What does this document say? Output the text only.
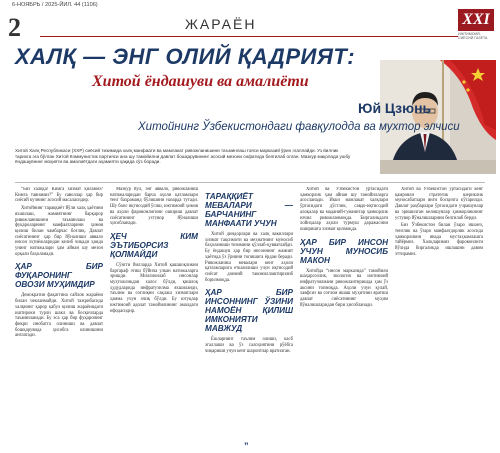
6-НОЯБРЬ / 2025-ЙИЛ. 44 (1106)
2	ЖАРАЁН	XXI
ИЖТИМОИЙ-СИЁСИЙ ГАЗЕТА
ХАЛҚ — ЭНГ ОЛИЙ ҚАДРИЯТ:
Хитой ёндашуви ва амалиёти
Юй Цзюнь
Хитойнинг Ўзбекистондаги фавқулодда ва мухтор элчиси
Хитой Халқ Республикаси (ХХР) сиёсий тизимида халқ манфаати ва мамлакат ривожланишини таъминлаш ғояси марказий ўрин эгаллайди. Уз йиллик тарихга эга бўлган Хитой Коммунистик партияси ана шу тамойилни давлат бошқарувининг асосий мезони сифатида белгилаб олган. Мазкур мақолада ушбу ёндашувнинг моҳияти ва амалиётдаги аҳамияти ҳақида сўз боради.

“Биз халққа! Кимга хизмат қиламиз? Кимга таянамиз?” Бу саволлар ҳар бир сиёсий кучнинг асосий масаласидир.

Хитойнинг тараққиёт йўли халқ ҳаётини яхшилаш, жамиятнинг барқарор ривожланишини таъминлаш ва фуқароларнинг манфаатларини ҳимоя қилиш билан чамбарчас боғлиқ. Давлат сиёсатининг ҳар бир йўналиши аввало инсон эҳтиёжларидан келиб чиқади ҳамда унинг натижалари ҳам айнан шу мезон орқали баҳоланади.

ҲАР БИР ФУҚАРОНИНГ ОВОЗИ МУҲИМДИР

Демократия фақатгина сайлов жараёни билан чекланмайди. Хитой тажрибасида халқнинг қарор қабул қилиш жараёнидаги иштироки турли шакл ва босқичларда таъминланади. Бу эса ҳар бир фуқаронинг фикри инобатга олиниши ва давлат бошқарувида ҳисобга олинишини англатади.

Мазкур йўл, энг аввало, ривожланиш натижаларидан барча аҳоли қатламлари тенг баҳраманд бўлишини назарда тутади. Шу боис иқтисодий ўсиш, ижтимоий ҳимоя ва аҳоли фаровонлигини ошириш давлат сиёсатининг устувор йўналиши ҳисобланади.

ҲЕЧ КИМ ЭЪТИБОРСИЗ ҚОЛМАЙДИ

Сўнгги йилларда Хитой қашшоқликни бартараф этиш бўйича улкан натижаларга эришди. Миллионлаб инсонлар муҳтожликдан халос бўлди, қишлоқ ҳудудларида инфратузилма яхшиланди, таълим ва соғлиқни сақлаш хизматлари ҳамма учун очиқ бўлди. Бу ютуқлар ижтимоий адолат тамойилининг амалдаги ифодасидир.

ТАРАҚҚИЁТ МЕВАЛАРИ — БАРЧАНИНГ МАНФААТИ УЧУН

Хитой диндорлари ва халқ вакиллари хизмат тақсимоти ва меҳнатнинг муносиб баҳоланиши тизимини қўллаб-қувватлайди. Бу ёндашув ҳар бир инсоннинг жамият ҳаётида ўз ўрнини топишига ёрдам беради. Ривожланиш мевалари кенг аҳоли қатламларига етказилиши учун иқтисодий сиёсат доимий такомиллаштирилиб борилмоқда.

ҲАР БИР ИНСОННИНГ ЎЗИНИ НАМОЁН ҚИЛИШ ИМКОНИЯТИ МАВЖУД

Ёшларнинг таълим олиши, касб эгаллаши ва ўз салоҳиятини рўёбга чиқариши учун кенг шароитлар яратилган.

Хитой ва Ўзбекистон ўртасидаги ҳамкорлик ҳам айнан шу тамойилларга асосланади. Икки мамлакат халқлари ўртасидаги дўстлик, савдо-иқтисодий алоқалар ва маданий-гуманитар ҳамкорлик изчил ривожланмоқда. Биргаликдаги лойиҳалар аҳоли турмуш даражасини оширишга хизмат қилмоқда.

ҲАР БИР ИНСОН УЧУН МУНОСИБ МАКОН

Хитойда “инсон марказида” тамойили шаҳарсозлик, экология ва ижтимоий инфратузилмани ривожлантиришда ҳам ўз аксини топмоқда. Аҳоли учун қулай, хавфсиз ва соғлом яшаш муҳитини яратиш давлат сиёсатининг муҳим йўналишларидан бири ҳисобланади.

Хитой ва Ўзбекистон ўртасидаги кенг қамровли стратегик шериклик муносабатлари янги босқичга кўтарилди. Давлат раҳбарлари ўртасидаги учрашувлар ва эришилган келишувлар ҳамкорликнинг устувор йўналишларини белгилаб берди.

Биз Ўзбекистон билан ўзаро ишонч, тенглик ва ўзаро манфаатдорлик асосида ҳамкорликни янада мустаҳкамлашга тайёрмиз. Халқларимиз фаровонлиги йўлида биргаликда ишлашни давом эттирамиз.

”
